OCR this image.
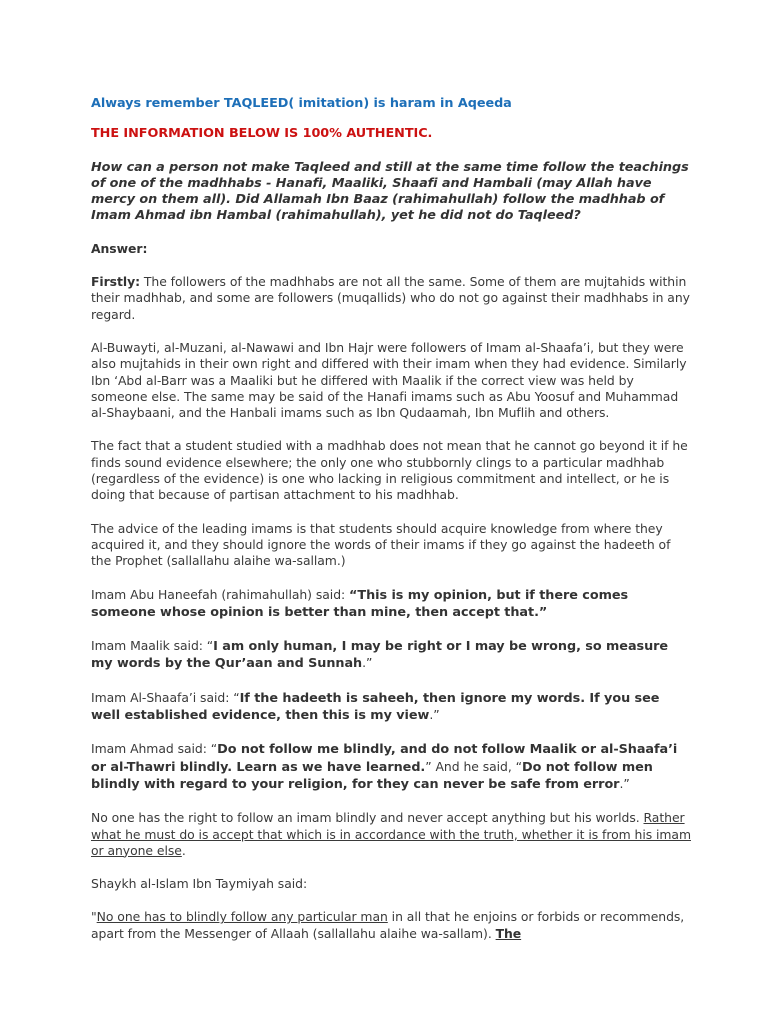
Always remember TAQLEED( imitation) is haram in Aqeeda

THE INFORMATION BELOW IS 100% AUTHENTIC.

How can a person not make Taqleed and still at the same time follow the teachings of one of the madhhabs - Hanafi, Maaliki, Shaafi and Hambali (may Allah have mercy on them all). Did Allamah Ibn Baaz (rahimahullah) follow the madhhab of Imam Ahmad ibn Hambal (rahimahullah), yet he did not do Taqleed?

Answer:

Firstly: The followers of the madhhabs are not all the same. Some of them are mujtahids within their madhhab, and some are followers (muqallids) who do not go against their madhhabs in any regard.

Al-Buwayti, al-Muzani, al-Nawawi and Ibn Hajr were followers of Imam al-Shaafa’i, but they were also mujtahids in their own right and differed with their imam when they had evidence. Similarly Ibn ‘Abd al-Barr was a Maaliki but he differed with Maalik if the correct view was held by someone else. The same may be said of the Hanafi imams such as Abu Yoosuf and Muhammad al-Shaybaani, and the Hanbali imams such as Ibn Qudaamah, Ibn Muflih and others.

The fact that a student studied with a madhhab does not mean that he cannot go beyond it if he finds sound evidence elsewhere; the only one who stubbornly clings to a particular madhhab (regardless of the evidence) is one who lacking in religious commitment and intellect, or he is doing that because of partisan attachment to his madhhab.

The advice of the leading imams is that students should acquire knowledge from where they acquired it, and they should ignore the words of their imams if they go against the hadeeth of the Prophet (sallallahu alaihe wa-sallam.)

Imam Abu Haneefah (rahimahullah) said: “This is my opinion, but if there comes someone whose opinion is better than mine, then accept that.”

Imam Maalik said: “I am only human, I may be right or I may be wrong, so measure my words by the Qur’aan and Sunnah.”

Imam Al-Shaafa’i said: “If the hadeeth is saheeh, then ignore my words. If you see well established evidence, then this is my view.”

Imam Ahmad said: “Do not follow me blindly, and do not follow Maalik or al-Shaafa’i or al-Thawri blindly. Learn as we have learned.” And he said, “Do not follow men blindly with regard to your religion, for they can never be safe from error.”

No one has the right to follow an imam blindly and never accept anything but his worlds. Rather what he must do is accept that which is in accordance with the truth, whether it is from his imam or anyone else.

Shaykh al-Islam Ibn Taymiyah said:

"No one has to blindly follow any particular man in all that he enjoins or forbids or recommends, apart from the Messenger of Allaah (sallallahu alaihe wa-sallam). The
